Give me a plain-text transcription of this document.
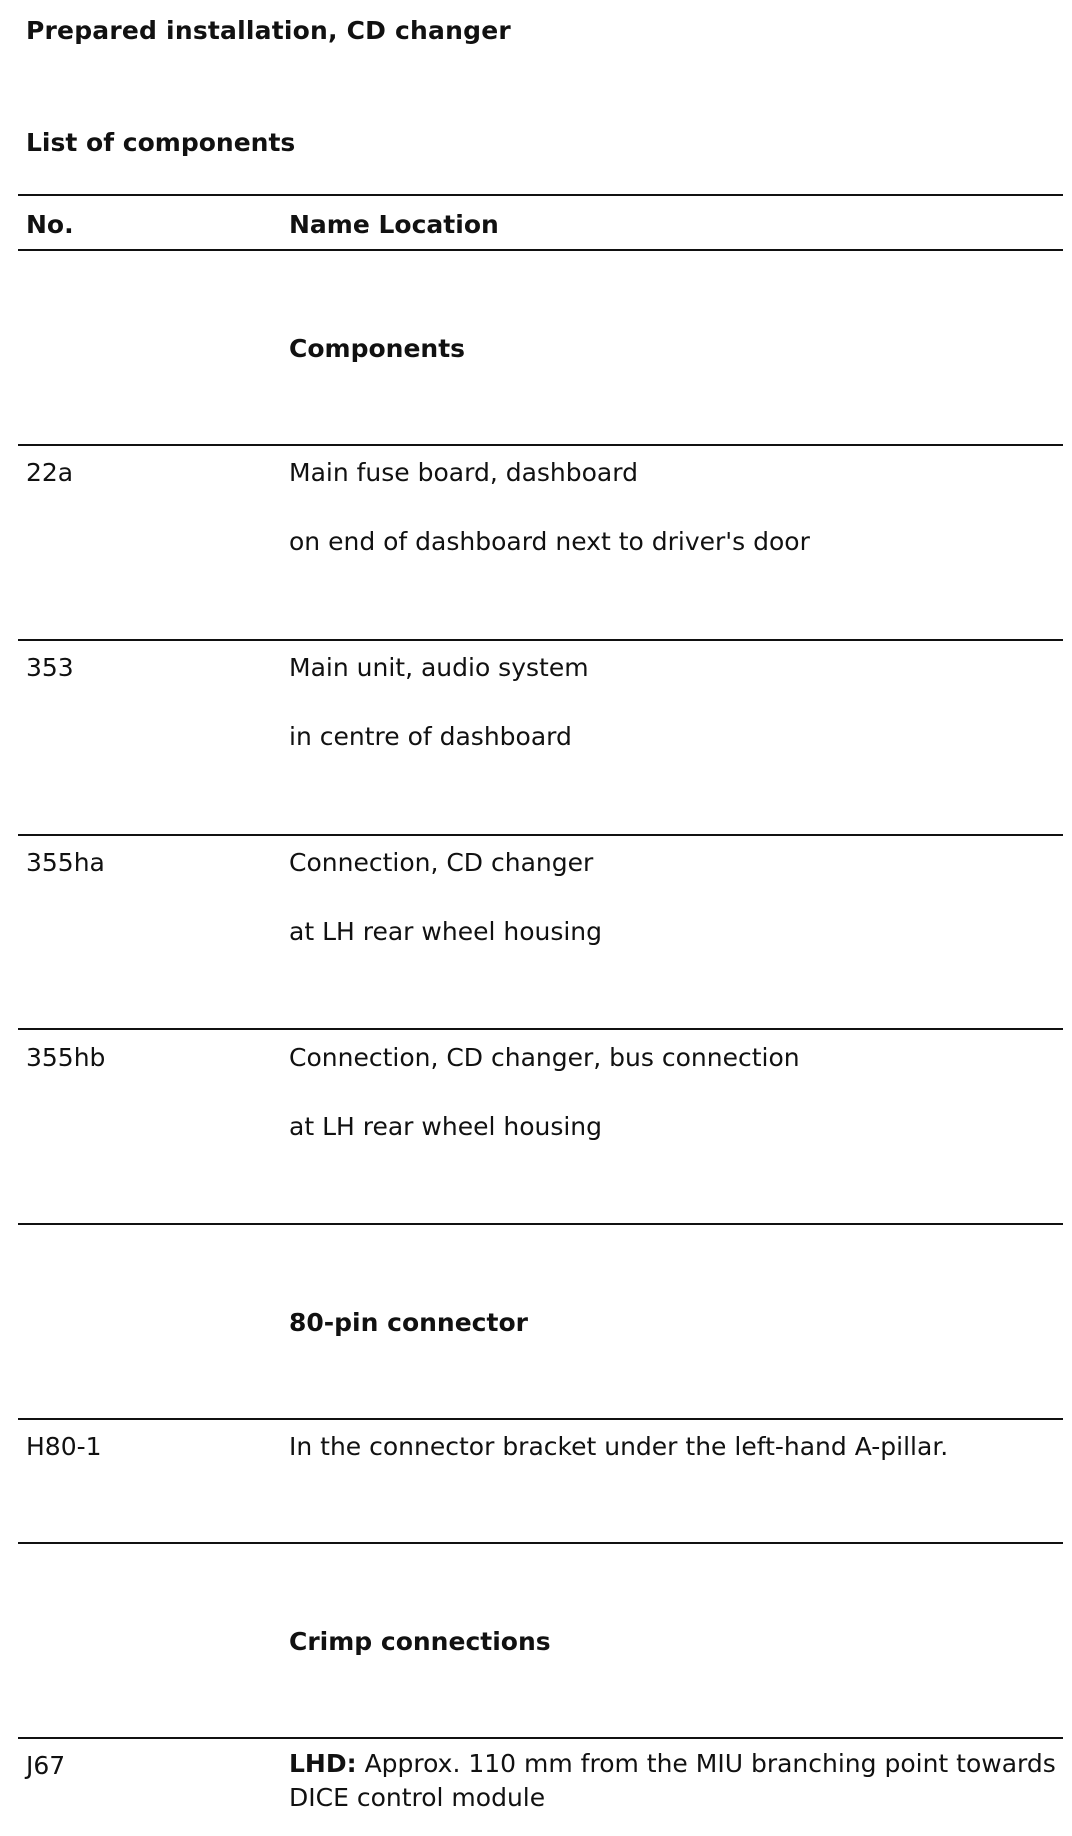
Prepared installation, CD changer
List of components
No.	Name Location
Components
22a	Main fuse board, dashboard
on end of dashboard next to driver's door
353	Main unit, audio system
in centre of dashboard
355ha	Connection, CD changer
at LH rear wheel housing
355hb	Connection, CD changer, bus connection
at LH rear wheel housing
80-pin connector
H80-1	In the connector bracket under the left-hand A-pillar.
Crimp connections
J67	LHD: Approx. 110 mm from the MIU branching point towards DICE control module
